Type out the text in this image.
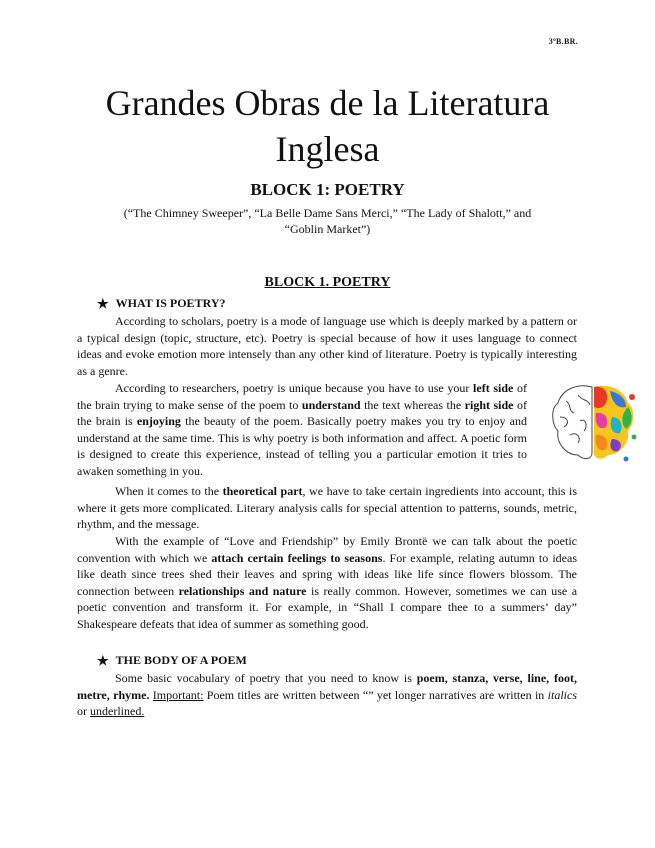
3ºB.BR.
Grandes Obras de la Literatura
Inglesa
BLOCK 1: POETRY
(“The Chimney Sweeper”, “La Belle Dame Sans Merci,” “The Lady of Shalott,” and
“Goblin Market”)
BLOCK 1. POETRY
★ WHAT IS POETRY?

According to scholars, poetry is a mode of language use which is deeply marked by a pattern or a typical design (topic, structure, etc). Poetry is special because of how it uses language to connect ideas and evoke emotion more intensely than any other kind of literature. Poetry is typically interesting as a genre.

According to researchers, poetry is unique because you have to use your left side of the brain trying to make sense of the poem to understand the text whereas the right side of the brain is enjoying the beauty of the poem. Basically poetry makes you try to enjoy and understand at the same time. This is why poetry is both information and affect. A poetic form is designed to create this experience, instead of telling you a particular emotion it tries to awaken something in you.

When it comes to the theoretical part, we have to take certain ingredients into account, this is where it gets more complicated. Literary analysis calls for special attention to patterns, sounds, metric, rhythm, and the message.

With the example of “Love and Friendship” by Emily Brontë we can talk about the poetic convention with which we attach certain feelings to seasons. For example, relating autumn to ideas like death since trees shed their leaves and spring with ideas like life since flowers blossom. The connection between relationships and nature is really common. However, sometimes we can use a poetic convention and transform it. For example, in “Shall I compare thee to a summers’ day” Shakespeare defeats that idea of summer as something good.

★ THE BODY OF A POEM

Some basic vocabulary of poetry that you need to know is poem, stanza, verse, line, foot, metre, rhyme. Important: Poem titles are written between “” yet longer narratives are written in italics or underlined.
